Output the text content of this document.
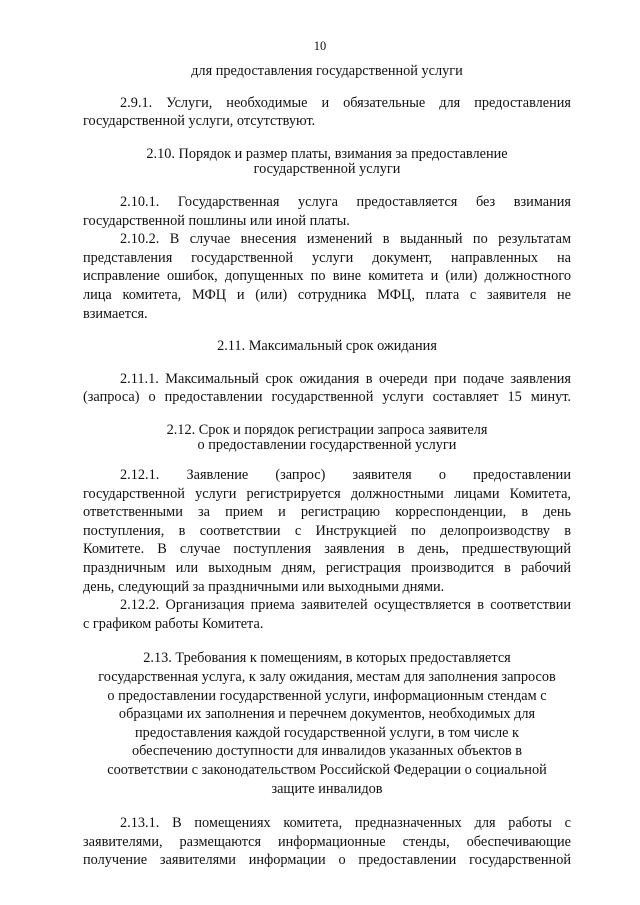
10

для предоставления государственной услуги

2.9.1. Услуги, необходимые и обязательные для предоставления

государственной услуги, отсутствуют.

2.10. Порядок и размер платы, взимания за предоставление

государственной услуги

2.10.1. Государственная услуга предоставляется без взимания

государственной пошлины или иной платы.

2.10.2. В случае внесения изменений в выданный по результатам

представления государственной услуги документ, направленных на

исправление ошибок, допущенных по вине комитета и (или) должностного

лица комитета, МФЦ и (или) сотрудника МФЦ, плата с заявителя не

взимается.

2.11. Максимальный срок ожидания

2.11.1. Максимальный срок ожидания в очереди при подаче заявления

(запроса) о предоставлении государственной услуги составляет 15 минут.

2.12. Срок и порядок регистрации запроса заявителя

о предоставлении государственной услуги

2.12.1. Заявление (запрос) заявителя о предоставлении

государственной услуги регистрируется должностными лицами Комитета,

ответственными за прием и регистрацию корреспонденции, в день

поступления, в соответствии с Инструкцией по делопроизводству в

Комитете. В случае поступления заявления в день, предшествующий

праздничным или выходным дням, регистрация производится в рабочий

день, следующий за праздничными или выходными днями.

2.12.2. Организация приема заявителей осуществляется в соответствии

с графиком работы Комитета.

2.13. Требования к помещениям, в которых предоставляется

государственная услуга, к залу ожидания, местам для заполнения запросов

о предоставлении государственной услуги, информационным стендам с

образцами их заполнения и перечнем документов, необходимых для

предоставления каждой государственной услуги, в том числе к

обеспечению доступности для инвалидов указанных объектов в

соответствии с законодательством Российской Федерации о социальной

защите инвалидов

2.13.1. В помещениях комитета, предназначенных для работы с

заявителями, размещаются информационные стенды, обеспечивающие

получение заявителями информации о предоставлении государственной
